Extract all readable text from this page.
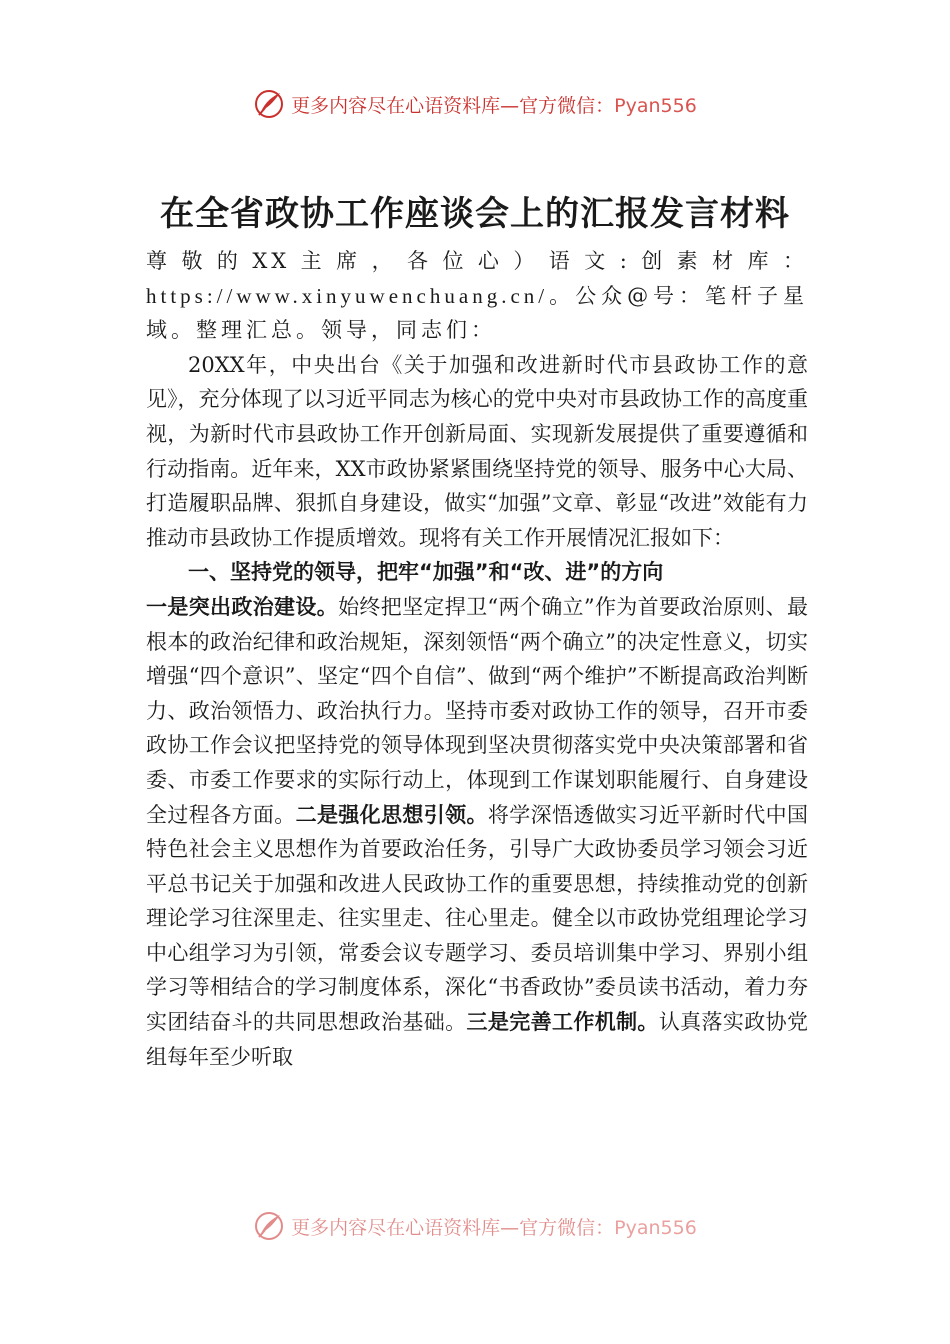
更多内容尽在心语资料库—官方微信：Pyan556
在全省政协工作座谈会上的汇报发言材料

尊敬的XX主席，各位心）语文:创素材库：https://www.xinyuwenchuang.cn/。公众@号：笔杆子星域。整理汇总。领导，同志们：

20XX年，中央出台《关于加强和改进新时代市县政协工作的意见》，充分体现了以习近平同志为核心的党中央对市县政协工作的高度重视，为新时代市县政协工作开创新局面、实现新发展提供了重要遵循和行动指南。近年来，XX市政协紧紧围绕坚持党的领导、服务中心大局、打造履职品牌、狠抓自身建设，做实“加强”文章、彰显“改进”效能有力推动市县政协工作提质增效。现将有关工作开展情况汇报如下：

一、坚持党的领导，把牢“加强”和“改、进”的方向

一是突出政治建设。始终把坚定捍卫“两个确立”作为首要政治原则、最根本的政治纪律和政治规矩，深刻领悟“两个确立”的决定性意义，切实增强“四个意识”、坚定“四个自信”、做到“两个维护”不断提高政治判断力、政治领悟力、政治执行力。坚持市委对政协工作的领导，召开市委政协工作会议把坚持党的领导体现到坚决贯彻落实党中央决策部署和省委、市委工作要求的实际行动上，体现到工作谋划职能履行、自身建设全过程各方面。二是强化思想引领。将学深悟透做实习近平新时代中国特色社会主义思想作为首要政治任务，引导广大政协委员学习领会习近平总书记关于加强和改进人民政协工作的重要思想，持续推动党的创新理论学习往深里走、往实里走、往心里走。健全以市政协党组理论学习中心组学习为引领，常委会议专题学习、委员培训集中学习、界别小组学习等相结合的学习制度体系，深化“书香政协”委员读书活动，着力夯实团结奋斗的共同思想政治基础。三是完善工作机制。认真落实政协党组每年至少听取

更多内容尽在心语资料库—官方微信：Pyan556
